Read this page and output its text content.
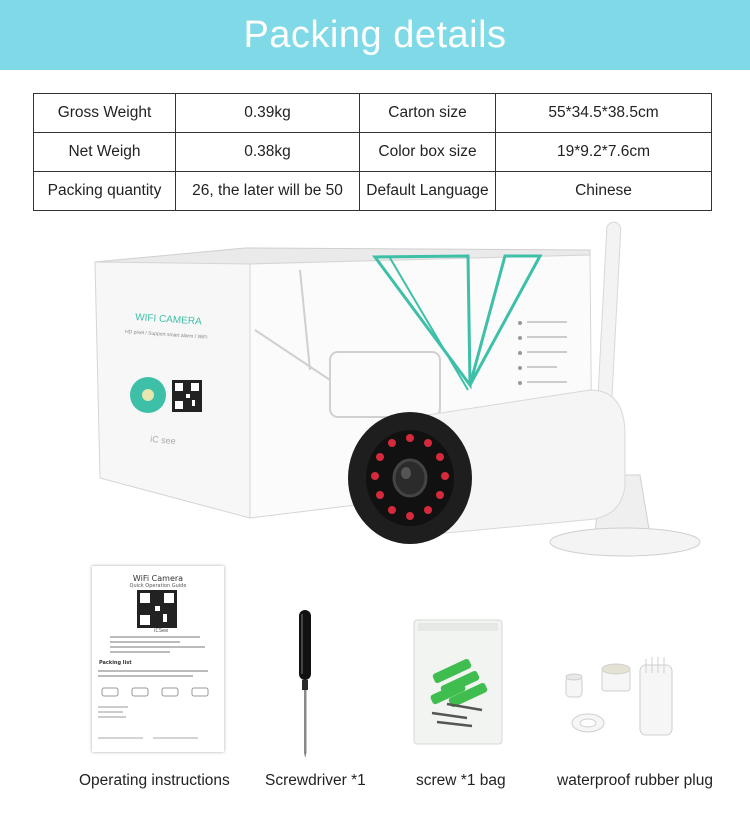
Packing details
Gross Weight	0.39kg	Carton size	55*34.5*38.5cm
Net Weigh	0.38kg	Color box size	19*9.2*7.6cm
Packing quantity	26, the later will be 50	Default Language	Chinese
WIFI CAMERA
HD pixel / Support smart alarm / WiFi
iC see
WiFi Camera
Quick Operation Guide
iCSee
Packing list
Operating instructions Screwdriver *1	screw *1 bag	waterproof rubber plug
